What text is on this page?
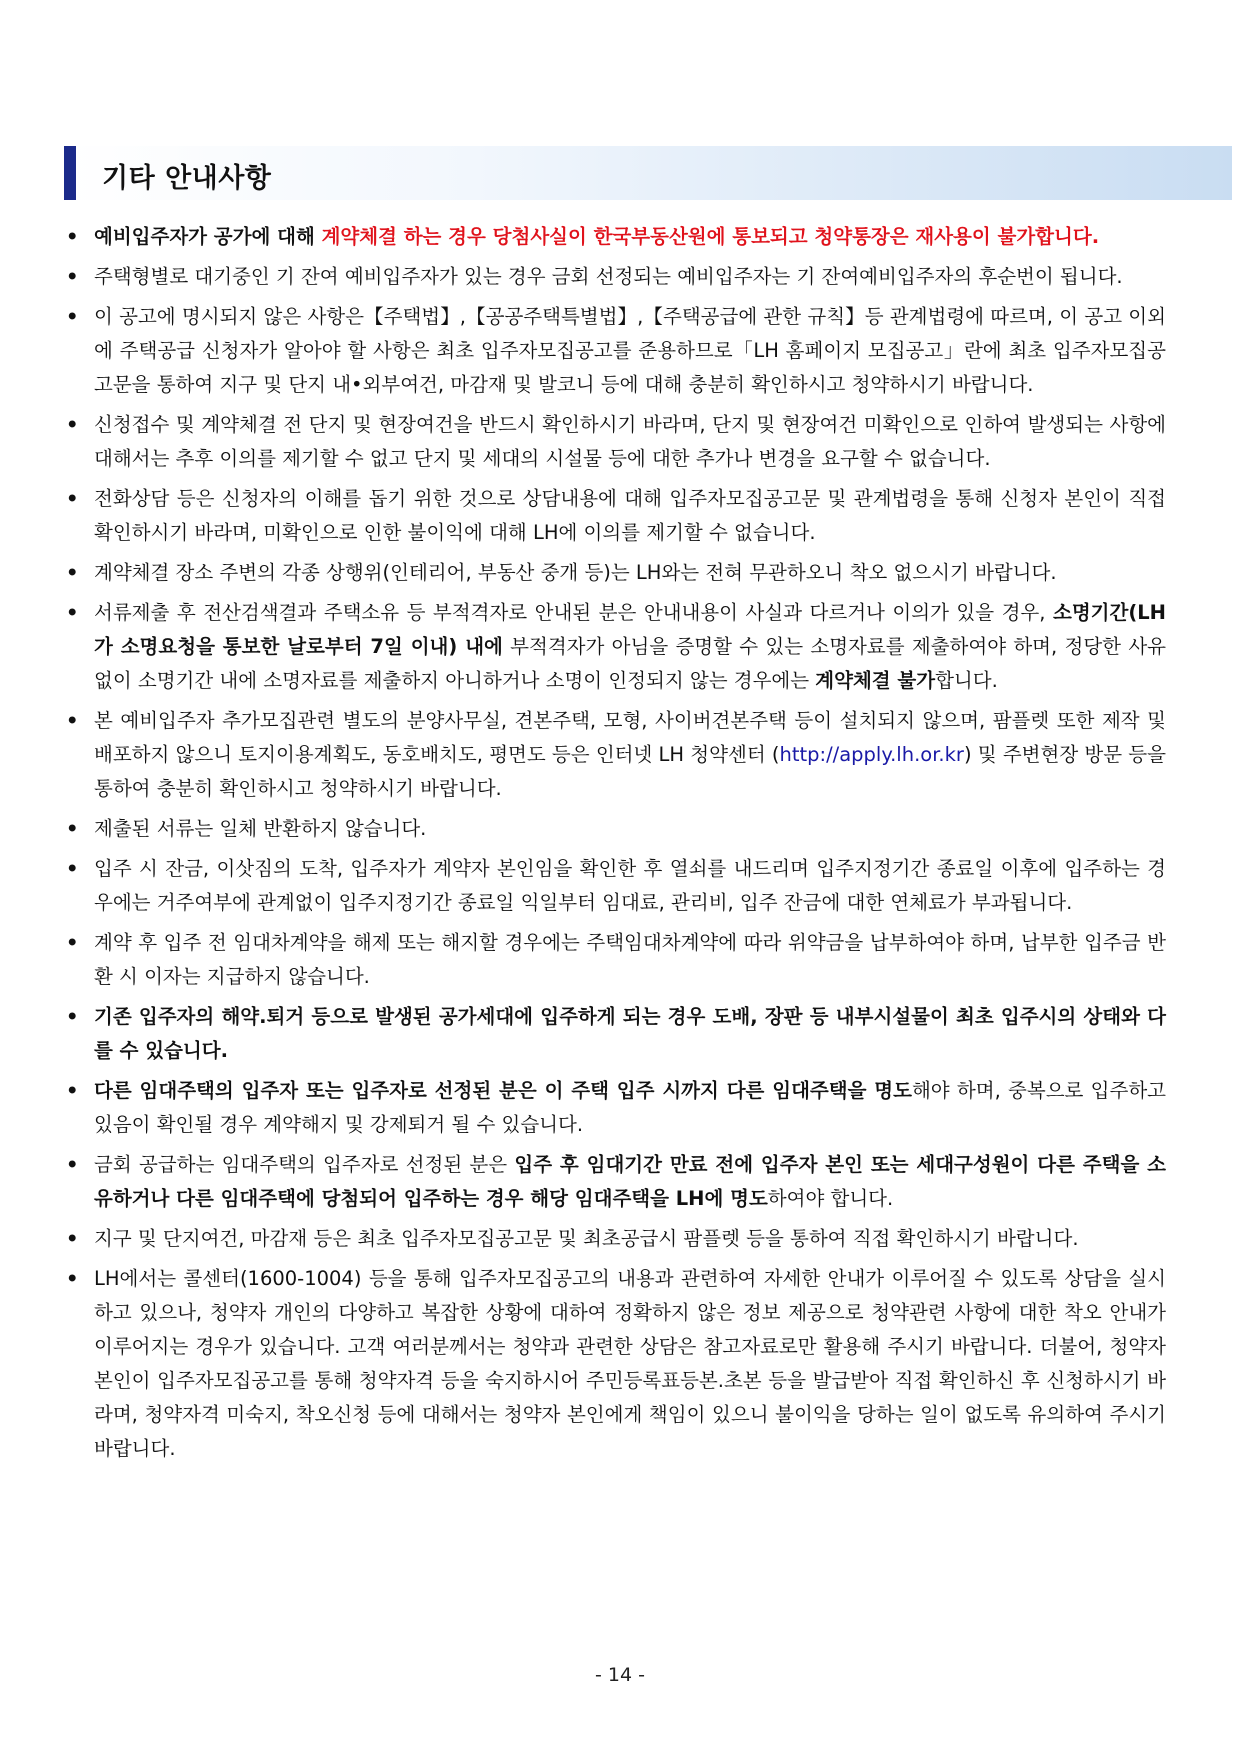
기타 안내사항
• 예비입주자가 공가에 대해 계약체결 하는 경우 당첨사실이 한국부동산원에 통보되고 청약통장은 재사용이 불가합니다.
• 주택형별로 대기중인 기 잔여 예비입주자가 있는 경우 금회 선정되는 예비입주자는 기 잔여예비입주자의 후순번이 됩니다.
• 이 공고에 명시되지 않은 사항은【주택법】,【공공주택특별법】,【주택공급에 관한 규칙】등 관계법령에 따르며, 이 공고 이외에 주택공급 신청자가 알아야 할 사항은 최초 입주자모집공고를 준용하므로「LH 홈페이지 모집공고」란에 최초 입주자모집공고문을 통하여 지구 및 단지 내•외부여건, 마감재 및 발코니 등에 대해 충분히 확인하시고 청약하시기 바랍니다.
• 신청접수 및 계약체결 전 단지 및 현장여건을 반드시 확인하시기 바라며, 단지 및 현장여건 미확인으로 인하여 발생되는 사항에 대해서는 추후 이의를 제기할 수 없고 단지 및 세대의 시설물 등에 대한 추가나 변경을 요구할 수 없습니다.
• 전화상담 등은 신청자의 이해를 돕기 위한 것으로 상담내용에 대해 입주자모집공고문 및 관계법령을 통해 신청자 본인이 직접 확인하시기 바라며, 미확인으로 인한 불이익에 대해 LH에 이의를 제기할 수 없습니다.
• 계약체결 장소 주변의 각종 상행위(인테리어, 부동산 중개 등)는 LH와는 전혀 무관하오니 착오 없으시기 바랍니다.
• 서류제출 후 전산검색결과 주택소유 등 부적격자로 안내된 분은 안내내용이 사실과 다르거나 이의가 있을 경우, 소명기간(LH가 소명요청을 통보한 날로부터 7일 이내) 내에 부적격자가 아님을 증명할 수 있는 소명자료를 제출하여야 하며, 정당한 사유 없이 소명기간 내에 소명자료를 제출하지 아니하거나 소명이 인정되지 않는 경우에는 계약체결 불가합니다.
• 본 예비입주자 추가모집관련 별도의 분양사무실, 견본주택, 모형, 사이버견본주택 등이 설치되지 않으며, 팜플렛 또한 제작 및 배포하지 않으니 토지이용계획도, 동호배치도, 평면도 등은 인터넷 LH 청약센터 (http://apply.lh.or.kr) 및 주변현장 방문 등을 통하여 충분히 확인하시고 청약하시기 바랍니다.
• 제출된 서류는 일체 반환하지 않습니다.
• 입주 시 잔금, 이삿짐의 도착, 입주자가 계약자 본인임을 확인한 후 열쇠를 내드리며 입주지정기간 종료일 이후에 입주하는 경우에는 거주여부에 관계없이 입주지정기간 종료일 익일부터 임대료, 관리비, 입주 잔금에 대한 연체료가 부과됩니다.
• 계약 후 입주 전 임대차계약을 해제 또는 해지할 경우에는 주택임대차계약에 따라 위약금을 납부하여야 하며, 납부한 입주금 반환 시 이자는 지급하지 않습니다.
• 기존 입주자의 해약.퇴거 등으로 발생된 공가세대에 입주하게 되는 경우 도배, 장판 등 내부시설물이 최초 입주시의 상태와 다를 수 있습니다.
• 다른 임대주택의 입주자 또는 입주자로 선정된 분은 이 주택 입주 시까지 다른 임대주택을 명도해야 하며, 중복으로 입주하고 있음이 확인될 경우 계약해지 및 강제퇴거 될 수 있습니다.
• 금회 공급하는 임대주택의 입주자로 선정된 분은 입주 후 임대기간 만료 전에 입주자 본인 또는 세대구성원이 다른 주택을 소유하거나 다른 임대주택에 당첨되어 입주하는 경우 해당 임대주택을 LH에 명도하여야 합니다.
• 지구 및 단지여건, 마감재 등은 최초 입주자모집공고문 및 최초공급시 팜플렛 등을 통하여 직접 확인하시기 바랍니다.
• LH에서는 콜센터(1600-1004) 등을 통해 입주자모집공고의 내용과 관련하여 자세한 안내가 이루어질 수 있도록 상담을 실시하고 있으나, 청약자 개인의 다양하고 복잡한 상황에 대하여 정확하지 않은 정보 제공으로 청약관련 사항에 대한 착오 안내가 이루어지는 경우가 있습니다. 고객 여러분께서는 청약과 관련한 상담은 참고자료로만 활용해 주시기 바랍니다. 더불어, 청약자 본인이 입주자모집공고를 통해 청약자격 등을 숙지하시어 주민등록표등본.초본 등을 발급받아 직접 확인하신 후 신청하시기 바라며, 청약자격 미숙지, 착오신청 등에 대해서는 청약자 본인에게 책임이 있으니 불이익을 당하는 일이 없도록 유의하여 주시기 바랍니다.
- 14 -
